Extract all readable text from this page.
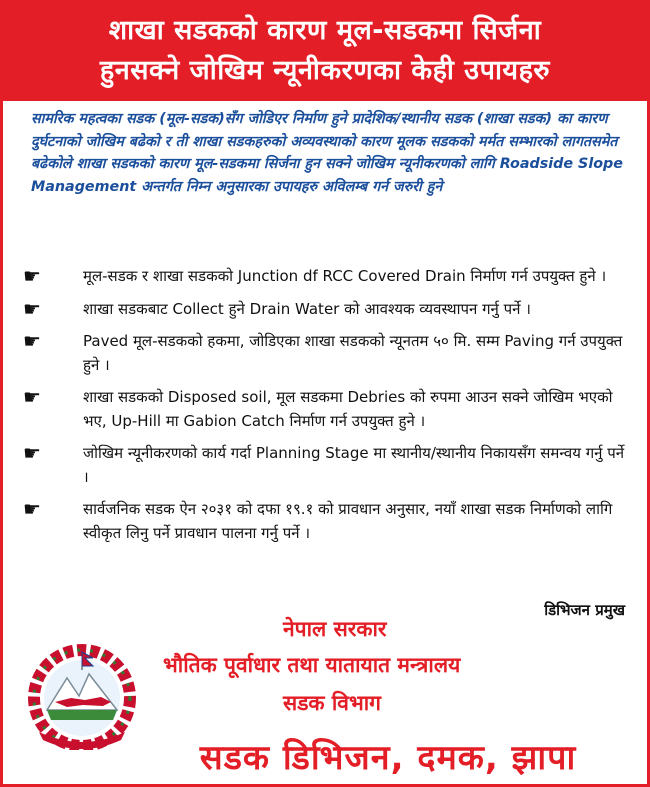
शाखा सडकको कारण मूल-सडकमा सिर्जना
हुनसक्ने जोखिम न्यूनीकरणका केही उपायहरु
सामरिक महत्वका सडक (मूल-सडक)सँग जोडिएर निर्माण हुने प्रादेशिक/स्थानीय सडक (शाखा सडक) का कारण दुर्घटनाको जोखिम बढेको र ती शाखा सडकहरुको अव्यवस्थाको कारण मूलक सडकको मर्मत सम्भारको लागतसमेत बढेकोले शाखा सडकको कारण मूल-सडकमा सिर्जना हुन सक्ने जोखिम न्यूनीकरणको लागि Roadside Slope Management अन्तर्गत निम्न अनुसारका उपायहरु अविलम्ब गर्न जरुरी हुने
☛	मूल-सडक र शाखा सडकको Junction df RCC Covered Drain निर्माण गर्न उपयुक्त हुने ।
☛	शाखा सडकबाट Collect हुने Drain Water को आवश्यक व्यवस्थापन गर्नु पर्ने ।
☛	Paved मूल-सडकको हकमा, जोडिएका शाखा सडकको न्यूनतम ५० मि. सम्म Paving गर्न उपयुक्त हुने ।
☛	शाखा सडकको Disposed soil, मूल सडकमा Debries को रुपमा आउन सक्ने जोखिम भएको भए, Up-Hill मा Gabion Catch निर्माण गर्न उपयुक्त हुने ।
☛	जोखिम न्यूनीकरणको कार्य गर्दा Planning Stage मा स्थानीय/स्थानीय निकायसँग समन्वय गर्नु पर्ने ।
☛	सार्वजनिक सडक ऐन २०३१ को दफा १९.१ को प्रावधान अनुसार, नयाँ शाखा सडक निर्माणको लागि स्वीकृत लिनु पर्ने प्रावधान पालना गर्नु पर्ने ।
डिभिजन प्रमुख
नेपाल सरकार
भौतिक पूर्वाधार तथा यातायात मन्त्रालय
सडक विभाग
सडक डिभिजन, दमक, झापा
